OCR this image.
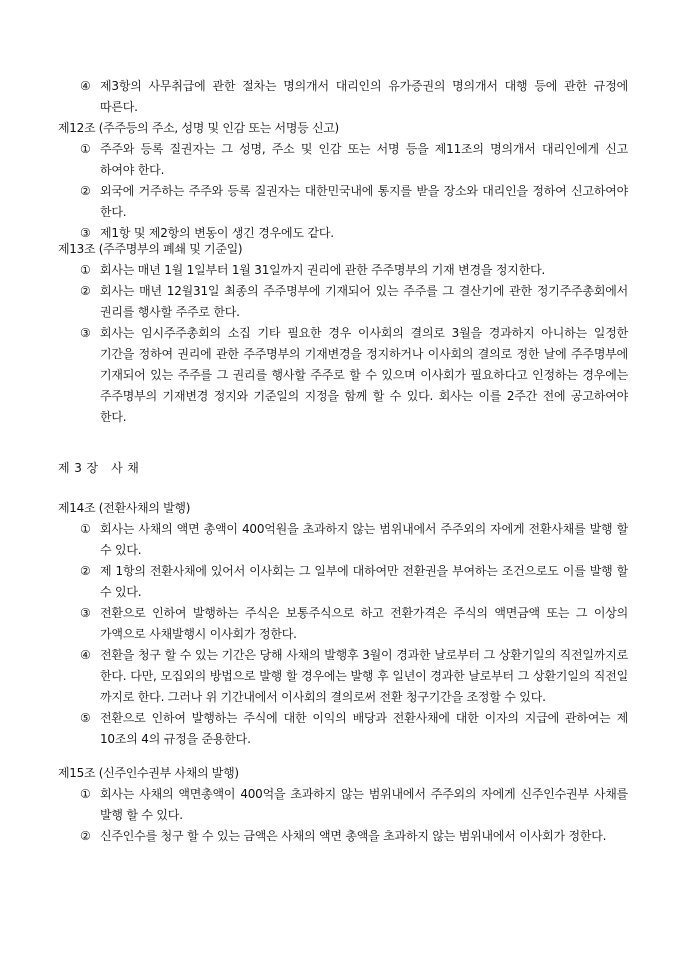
④ 제3항의 사무취급에 관한 절차는 명의개서 대리인의 유가증권의 명의개서 대행 등에 관한 규정에 따른다.
제12조 (주주등의 주소, 성명 및 인감 또는 서명등 신고)
① 주주와 등록 질권자는 그 성명, 주소 및 인감 또는 서명 등을 제11조의 명의개서 대리인에게 신고 하여야 한다.
② 외국에 거주하는 주주와 등록 질권자는 대한민국내에 통지를 받을 장소와 대리인을 정하여 신고하여야 한다.
③ 제1항 및 제2항의 변동이 생긴 경우에도 같다.
제13조 (주주명부의 폐쇄 및 기준일)
① 회사는 매년 1월 1일부터 1월 31일까지 권리에 관한 주주명부의 기재 변경을 정지한다.
② 회사는 매년 12월31일 최종의 주주명부에 기재되어 있는 주주를 그 결산기에 관한 정기주주총회에서 권리를 행사할 주주로 한다.
③ 회사는 임시주주총회의 소집 기타 필요한 경우 이사회의 결의로 3월을 경과하지 아니하는 일정한 기간을 정하여 권리에 관한 주주명부의 기재변경을 정지하거나 이사회의 결의로 정한 날에 주주명부에 기재되어 있는 주주를 그 권리를 행사할 주주로 할 수 있으며 이사회가 필요하다고 인정하는 경우에는 주주명부의 기재변경 정지와 기준일의 지정을 함께 할 수 있다. 회사는 이를 2주간 전에 공고하여야 한다.
제 3 장   사 채
제14조 (전환사채의 발행)
① 회사는 사채의 액면 총액이 400억원을 초과하지 않는 범위내에서 주주외의 자에게 전환사채를 발행 할 수 있다.
② 제 1항의 전환사채에 있어서 이사회는 그 일부에 대하여만 전환권을 부여하는 조건으로도 이를 발행 할 수 있다.
③ 전환으로 인하여 발행하는 주식은 보통주식으로 하고 전환가격은 주식의 액면금액 또는 그 이상의 가액으로 사채발행시 이사회가 정한다.
④ 전환을 청구 할 수 있는 기간은 당해 사채의 발행후 3월이 경과한 날로부터 그 상환기일의 직전일까지로 한다. 다만, 모집외의 방법으로 발행 할 경우에는 발행 후 일년이 경과한 날로부터 그 상환기일의 직전일 까지로 한다. 그러나 위 기간내에서 이사회의 결의로써 전환 청구기간을 조정할 수 있다.
⑤ 전환으로 인하여 발행하는 주식에 대한 이익의 배당과 전환사채에 대한 이자의 지급에 관하여는 제 10조의 4의 규정을 준용한다.
제15조 (신주인수권부 사채의 발행)
① 회사는 사채의 액면총액이 400억을 초과하지 않는 범위내에서 주주외의 자에게 신주인수권부 사채를 발행 할 수 있다.
② 신주인수를 청구 할 수 있는 금액은 사채의 액면 총액을 초과하지 않는 범위내에서 이사회가 정한다.
